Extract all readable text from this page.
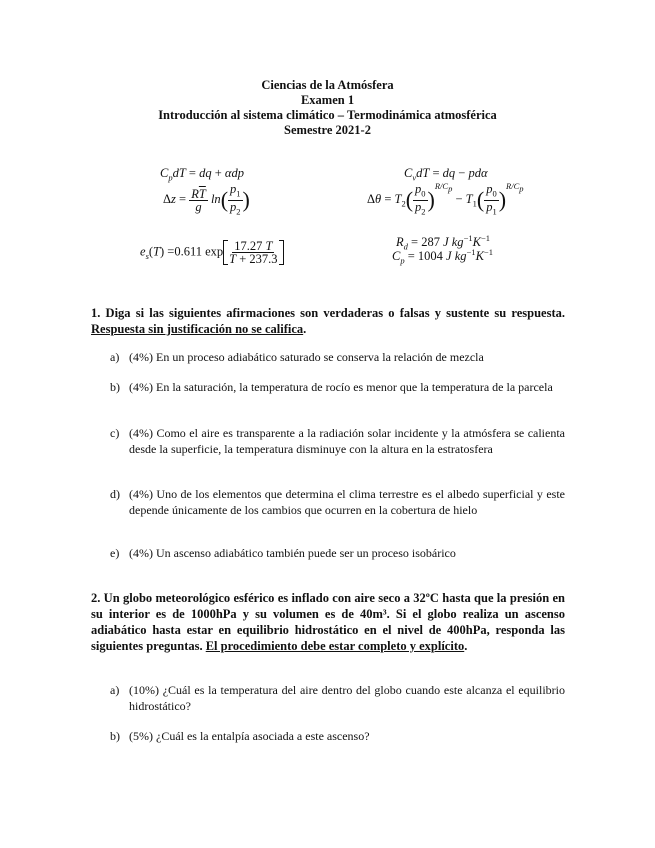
Ciencias de la Atmósfera
Examen 1
Introducción al sistema climático – Termodinámica atmosférica
Semestre 2021-2
$C_pdT$ = dq + αdp	$C_vdT$ = dq − pdα
$\Delta z = \frac{R\overline{T}}{g} \ln( \frac{p_1}{p_2}$ )	$\Delta\theta = T_2( \frac{p_0}{p_2} )^{R/C_p} - T_1( \frac{p_0}{p_1} )^{R/C_p}$
$e_s(T) =0.611$ $\exp \frac{17.27 T}{T + 237.3}$	$R_d = 287$ J $kg^{-1}K^{-1}$
$C_p = 1004$ J $kg^{-1}K^{-1}$
1. Diga si las siguientes afirmaciones son verdaderas o falsas y sustente su respuesta. Respuesta sin justificación no se califica.
a) (4%) En un proceso adiabático saturado se conserva la relación de mezcla
b) (4%) En la saturación, la temperatura de rocío es menor que la temperatura de la parcela
c) (4%) Como el aire es transparente a la radiación solar incidente y la atmósfera se calienta desde la superficie, la temperatura disminuye con la altura en la estratosfera
d) (4%) Uno de los elementos que determina el clima terrestre es el albedo superficial y este depende únicamente de los cambios que ocurren en la cobertura de hielo
e) (4%) Un ascenso adiabático también puede ser un proceso isobárico
2. Un globo meteorológico esférico es inflado con aire seco a 32ºC hasta que la presión en su interior es de 1000hPa y su volumen es de 40m³. Si el globo realiza un ascenso adiabático hasta estar en equilibrio hidrostático en el nivel de 400hPa, responda las siguientes preguntas. El procedimiento debe estar completo y explícito.
a) (10%) ¿Cuál es la temperatura del aire dentro del globo cuando este alcanza el equilibrio hidrostático?
b) (5%) ¿Cuál es la entalpía asociada a este ascenso?
